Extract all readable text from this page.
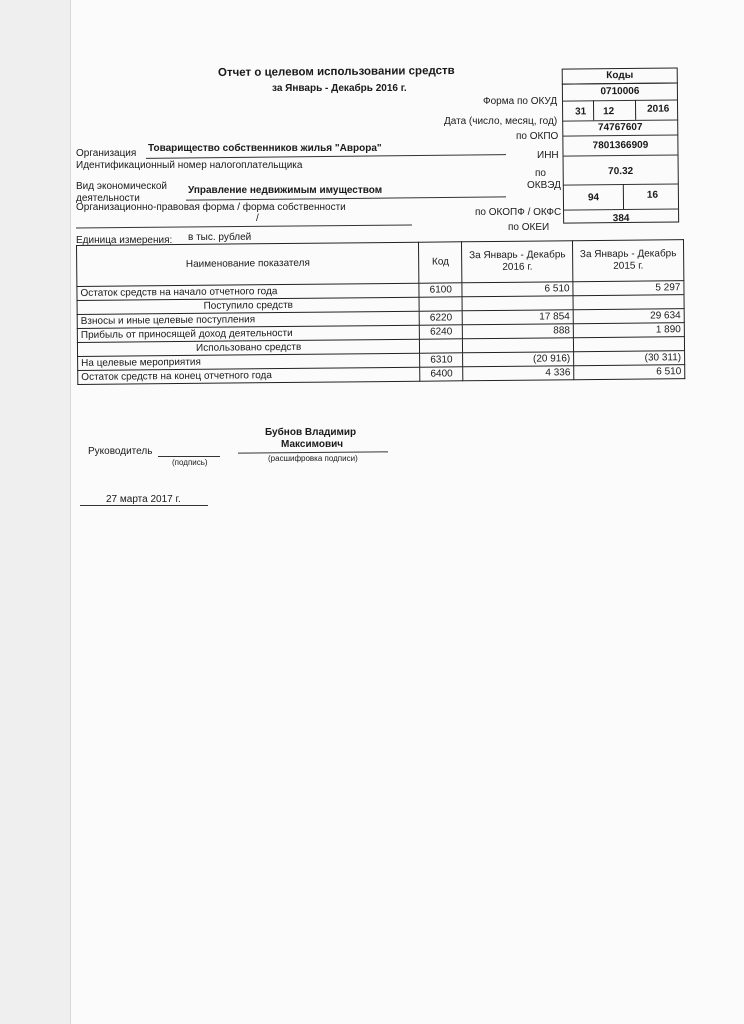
Отчет о целевом использовании средств
за Январь - Декабрь 2016 г.
Коды
0710006
31 12	2016
74767607
7801366909
70.32
94	16
384
Форма по ОКУД
Дата (число, месяц, год)
по ОКПО
ИНН
по
ОКВЭД
по ОКОПФ / ОКФС
по ОКЕИ
Организация Товарищество собственников жилья "Аврора"
Идентификационный номер налогоплательщика
Вид экономической
деятельности
Управление недвижимым имуществом
Организационно-правовая форма / форма собственности
/
Единица измерения: в тыс. рублей
Наименование показателя	Код	За Январь - Декабрь 2016 г.	За Январь - Декабрь 2015 г.
Остаток средств на начало отчетного года	6100	6 510	5 297
Поступило средств			
Взносы и иные целевые поступления	6220	17 854	29 634
Прибыль от приносящей доход деятельности	6240	888	1 890
Использовано средств			
На целевые мероприятия	6310	(20 916)	(30 311)
Остаток средств на конец отчетного года	6400	4 336	6 510
Руководитель
(подпись)
Бубнов Владимир
Максимович
(расшифровка подписи)
27 марта 2017 г.
